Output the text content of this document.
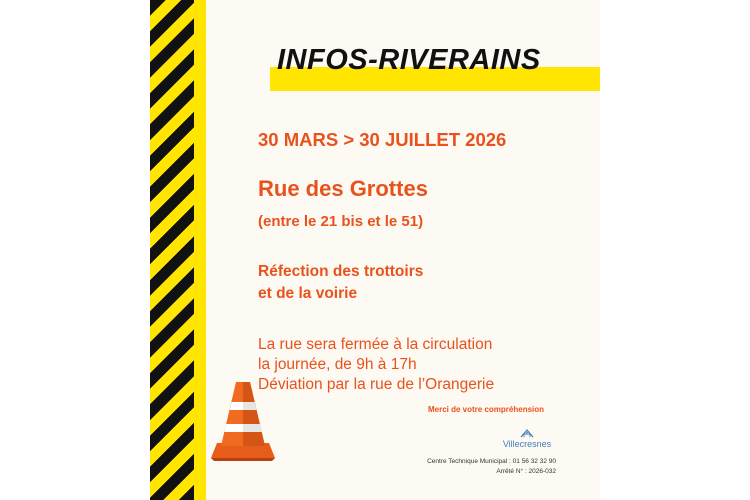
INFOS-RIVERAINS
30 MARS > 30 JUILLET 2026
Rue des Grottes
(entre le 21 bis et le 51)
Réfection des trottoirs
et de la voirie
La rue sera fermée à la circulation
la journée, de 9h à 17h
Déviation par la rue de l’Orangerie
Merci de votre compréhension
Villecresnes
Centre Technique Municipal : 01 56 32 32 90
Arrêté N° : 2026-032
